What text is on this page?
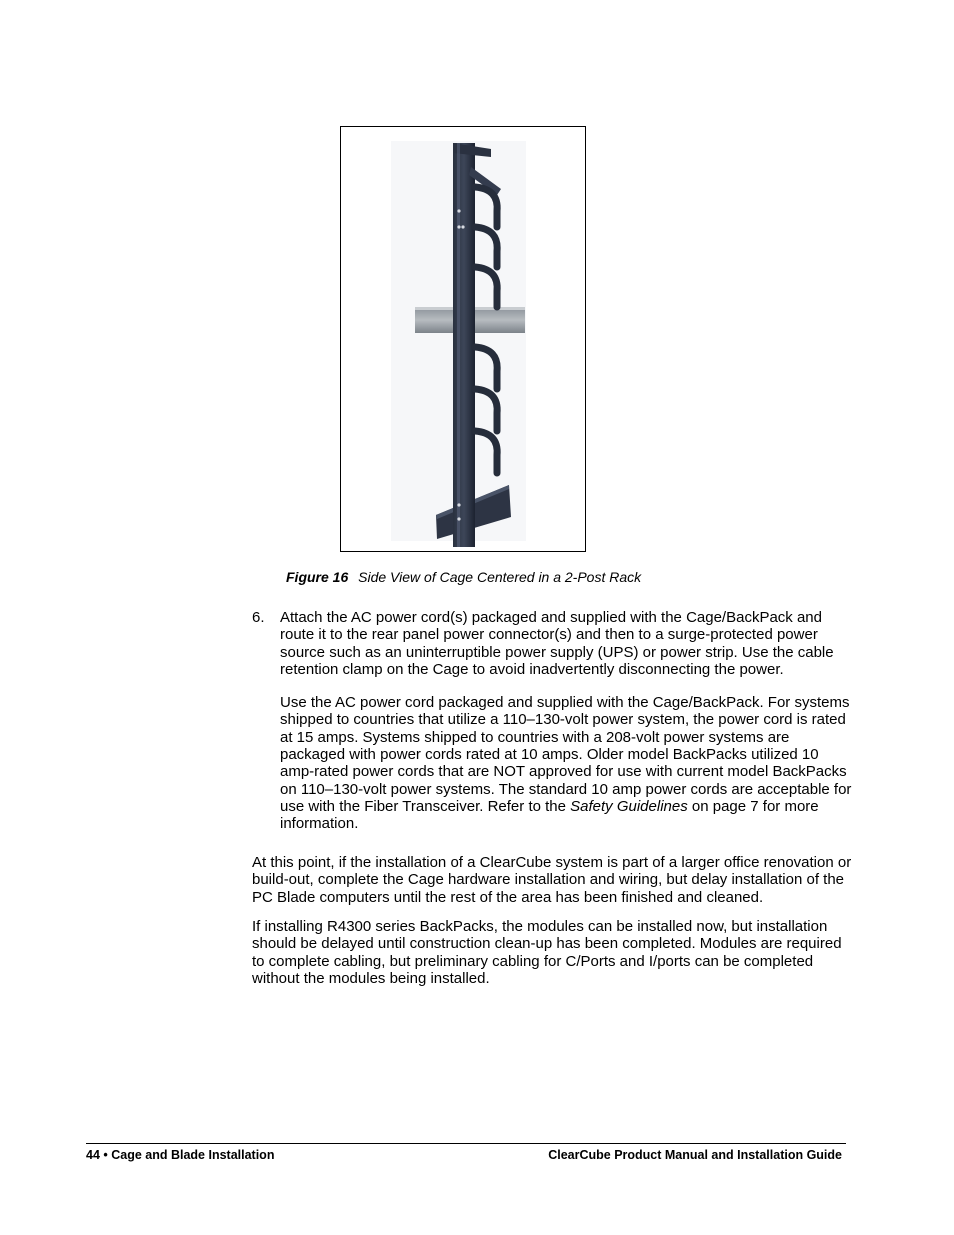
Figure 16 Side View of Cage Centered in a 2-Post Rack
6. Attach the AC power cord(s) packaged and supplied with the Cage/BackPack and route it to the rear panel power connector(s) and then to a surge-protected power source such as an uninterruptible power supply (UPS) or power strip. Use the cable retention clamp on the Cage to avoid inadvertently disconnecting the power.

Use the AC power cord packaged and supplied with the Cage/BackPack. For systems shipped to countries that utilize a 110–130-volt power system, the power cord is rated at 15 amps. Systems shipped to countries with a 208-volt power systems are packaged with power cords rated at 10 amps. Older model BackPacks utilized 10 amp-rated power cords that are NOT approved for use with current model BackPacks on 110–130-volt power systems. The standard 10 amp power cords are acceptable for use with the Fiber Transceiver. Refer to the Safety Guidelines on page 7 for more information.

At this point, if the installation of a ClearCube system is part of a larger office renovation or build-out, complete the Cage hardware installation and wiring, but delay installation of the PC Blade computers until the rest of the area has been finished and cleaned.

If installing R4300 series BackPacks, the modules can be installed now, but installation should be delayed until construction clean-up has been completed. Modules are required to complete cabling, but preliminary cabling for C/Ports and I/ports can be completed without the modules being installed.

44 • Cage and Blade Installation	ClearCube Product Manual and Installation Guide
